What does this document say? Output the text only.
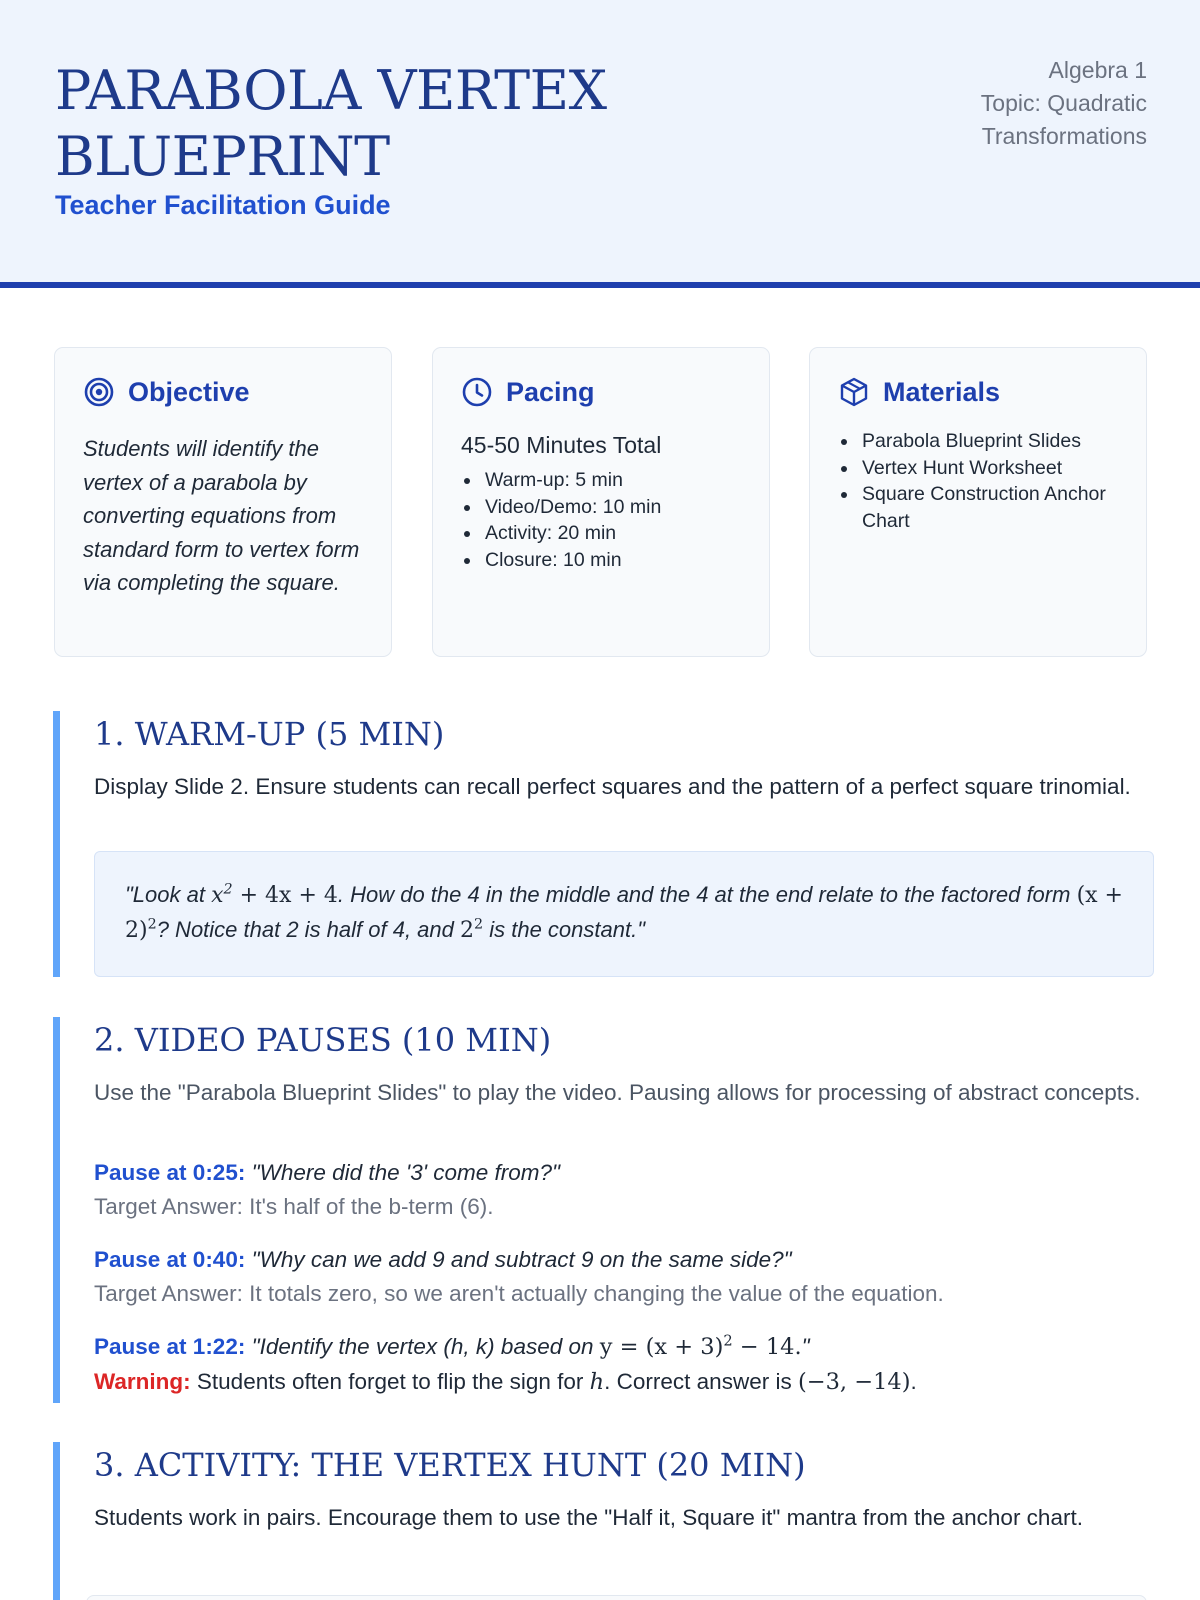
PARABOLA VERTEX BLUEPRINT
Teacher Facilitation Guide
Algebra 1
Topic: Quadratic Transformations
Objective
Students will identify the vertex of a parabola by converting equations from standard form to vertex form via completing the square.
Pacing
45-50 Minutes Total
Warm-up: 5 min
Video/Demo: 10 min
Activity: 20 min
Closure: 10 min
Materials
Parabola Blueprint Slides
Vertex Hunt Worksheet
Square Construction Anchor Chart
1. WARM-UP (5 MIN)
Display Slide 2. Ensure students can recall perfect squares and the pattern of a perfect square trinomial.
"Look at $x^2 + 4x + 4$. How do the 4 in the middle and the 4 at the end relate to the factored form $(x + 2)^2$? Notice that 2 is half of 4, and $2^2$ is the constant."
2. VIDEO PAUSES (10 MIN)
Use the "Parabola Blueprint Slides" to play the video. Pausing allows for processing of abstract concepts.
Pause at 0:25: "Where did the '3' come from?"
Target Answer: It's half of the b-term (6).
Pause at 0:40: "Why can we add 9 and subtract 9 on the same side?"
Target Answer: It totals zero, so we aren't actually changing the value of the equation.
Pause at 1:22: "Identify the vertex (h, k) based on $y = (x + 3)^2 - 14$."
Warning: Students often forget to flip the sign for h. Correct answer is (−3, −14).
3. ACTIVITY: THE VERTEX HUNT (20 MIN)
Students work in pairs. Encourage them to use the "Half it, Square it" mantra from the anchor chart.
